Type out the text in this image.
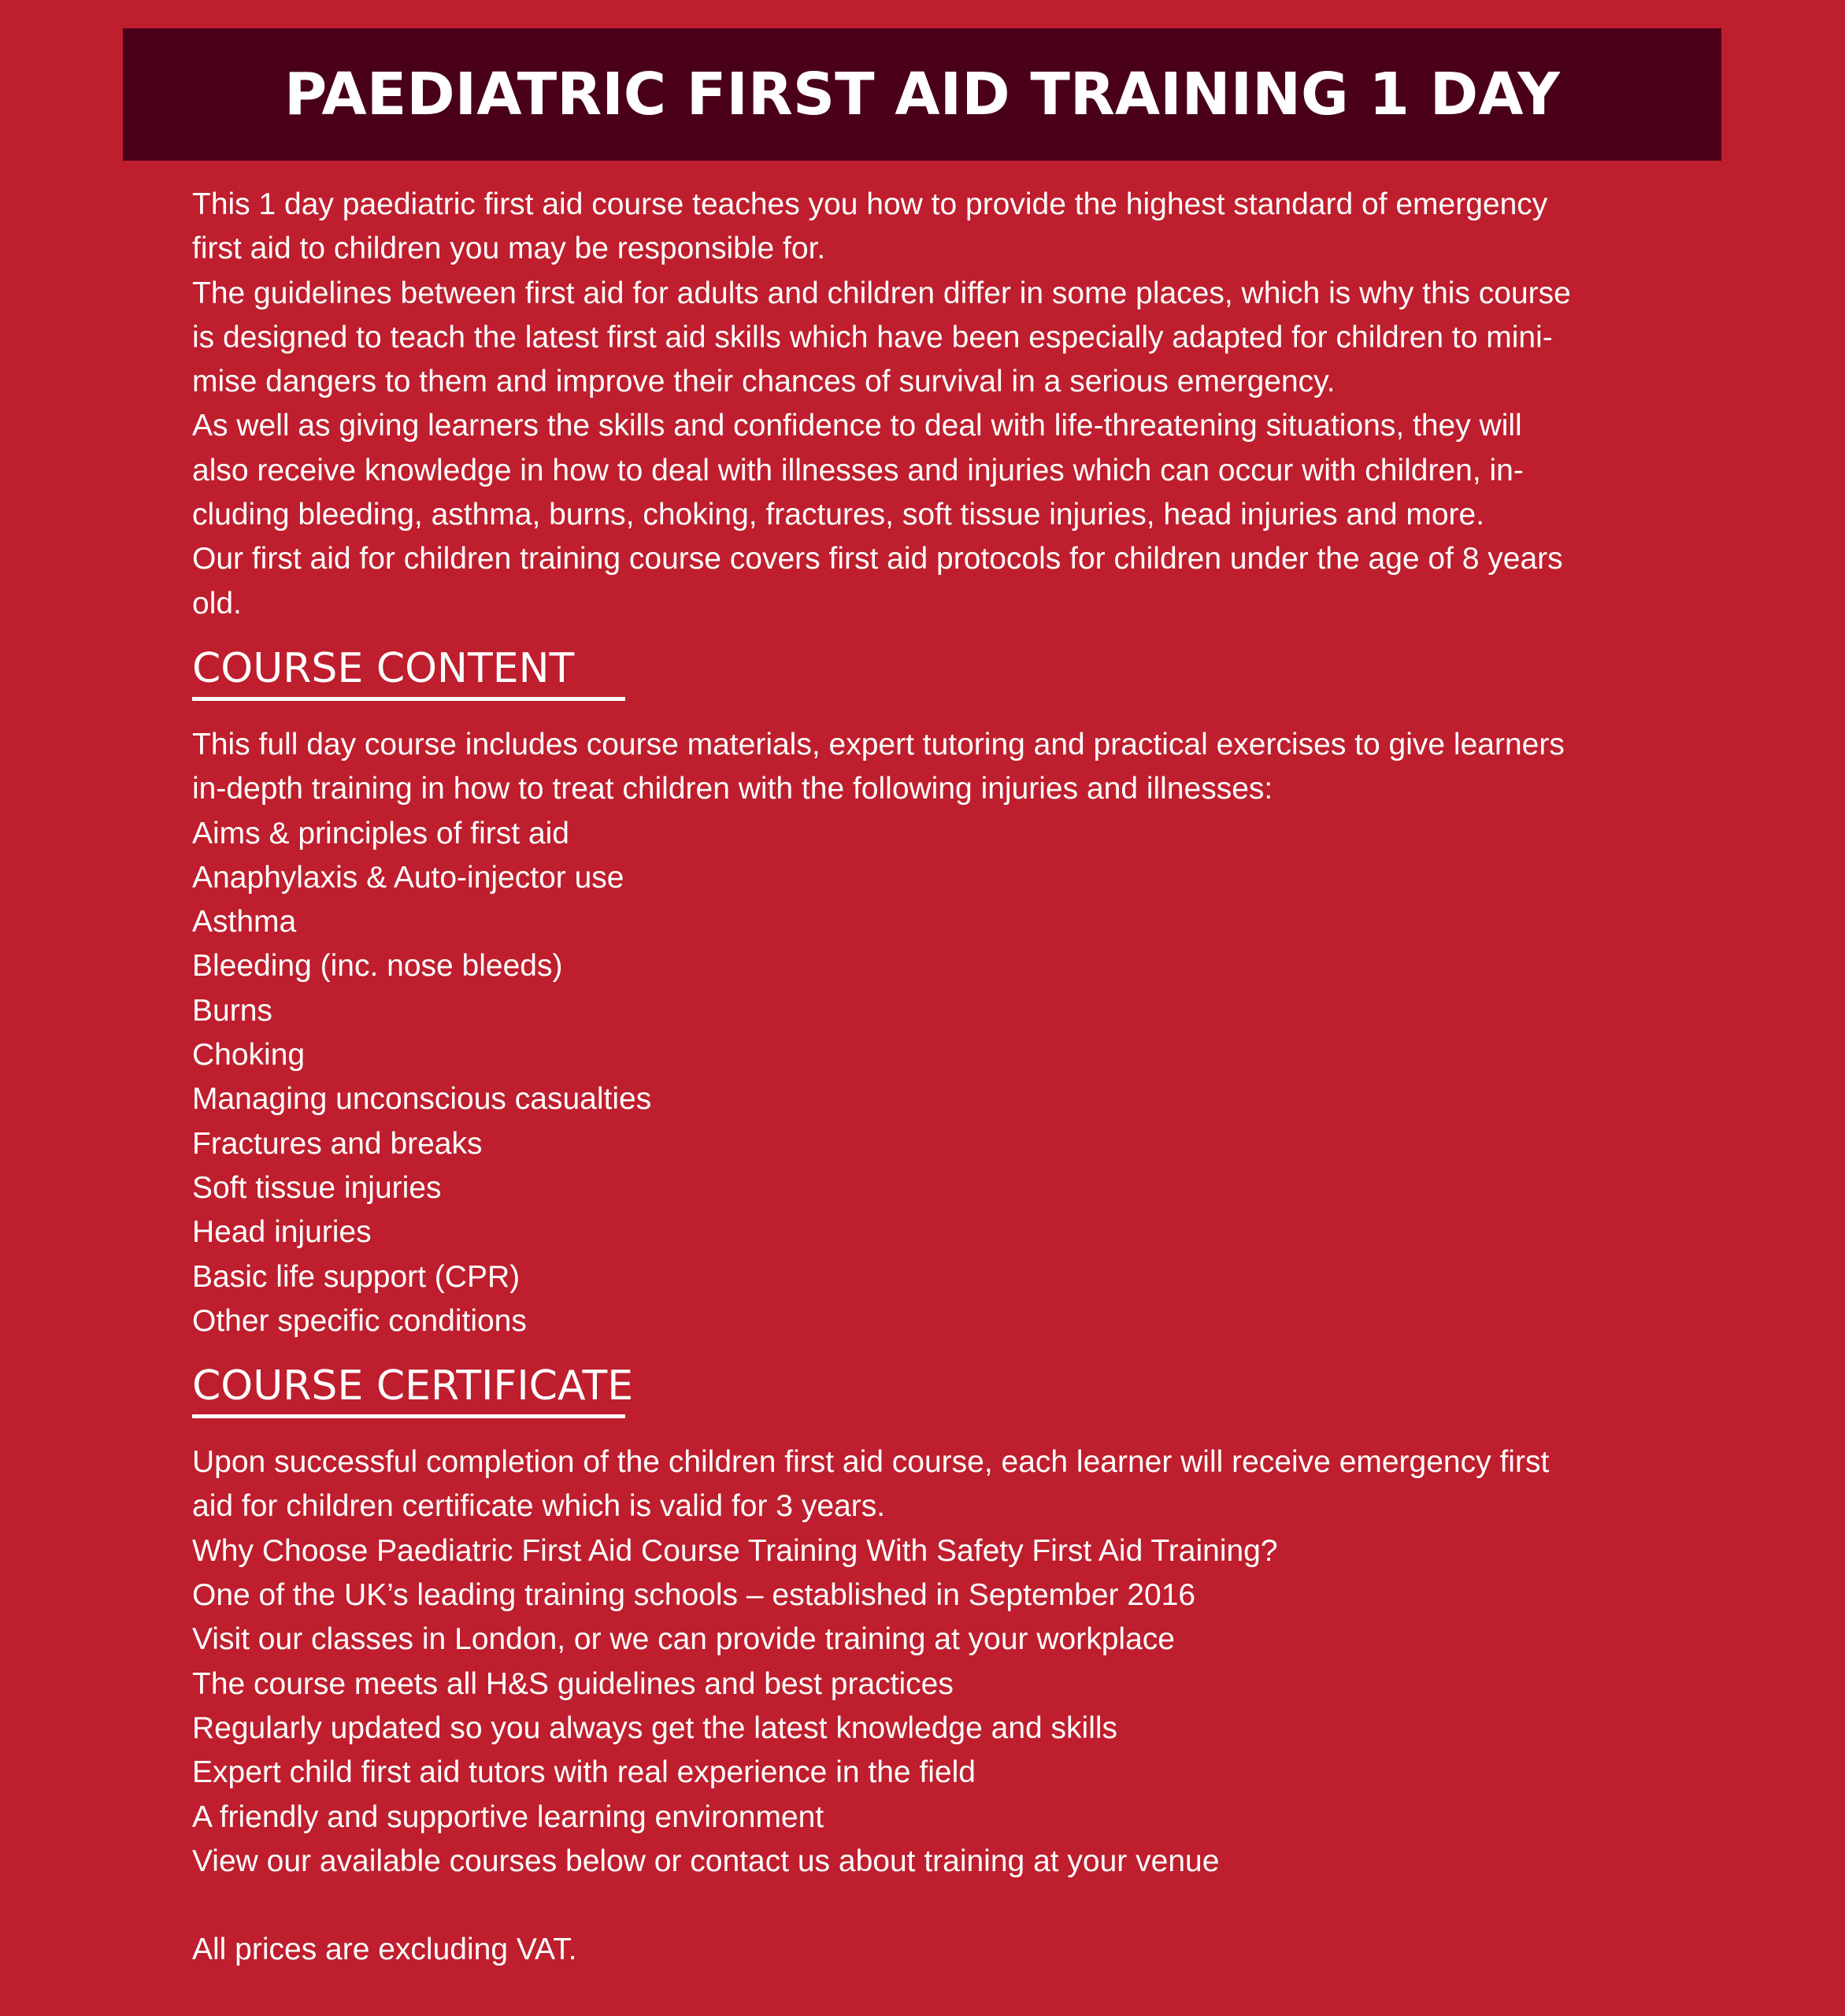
PAEDIATRIC FIRST AID TRAINING 1 DAY
This 1 day paediatric first aid course teaches you how to provide the highest standard of emergency
first aid to children you may be responsible for.
The guidelines between first aid for adults and children differ in some places, which is why this course
is designed to teach the latest first aid skills which have been especially adapted for children to mini-
mise dangers to them and improve their chances of survival in a serious emergency.
As well as giving learners the skills and confidence to deal with life-threatening situations, they will
also receive knowledge in how to deal with illnesses and injuries which can occur with children, in-
cluding bleeding, asthma, burns, choking, fractures, soft tissue injuries, head injuries and more.
Our first aid for children training course covers first aid protocols for children under the age of 8 years
old.
COURSE CONTENT
This full day course includes course materials, expert tutoring and practical exercises to give learners
in-depth training in how to treat children with the following injuries and illnesses:
Aims & principles of first aid
Anaphylaxis & Auto-injector use
Asthma
Bleeding (inc. nose bleeds)
Burns
Choking
Managing unconscious casualties
Fractures and breaks
Soft tissue injuries
Head injuries
Basic life support (CPR)
Other specific conditions
COURSE CERTIFICATE
Upon successful completion of the children first aid course, each learner will receive emergency first
aid for children certificate which is valid for 3 years.
Why Choose Paediatric First Aid Course Training With Safety First Aid Training?
One of the UK’s leading training schools – established in September 2016
Visit our classes in London, or we can provide training at your workplace
The course meets all H&S guidelines and best practices
Regularly updated so you always get the latest knowledge and skills
Expert child first aid tutors with real experience in the field
A friendly and supportive learning environment
View our available courses below or contact us about training at your venue
All prices are excluding VAT.
